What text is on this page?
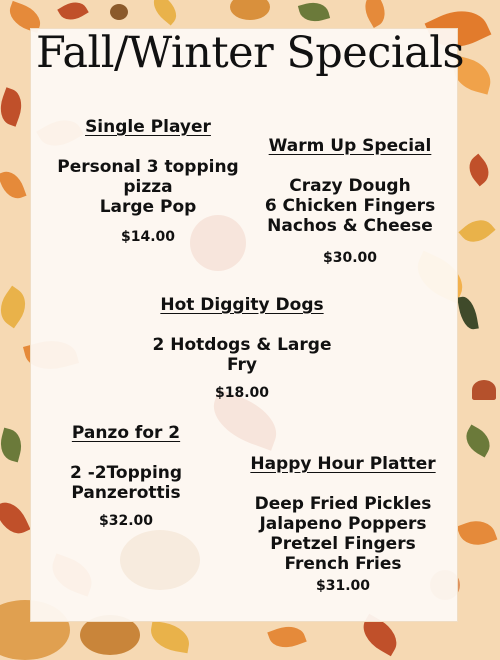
Fall/Winter Specials
Single Player
Personal 3 topping
pizza
Large Pop
$14.00
Warm Up Special
Crazy Dough
6 Chicken Fingers
Nachos & Cheese
$30.00
Hot Diggity Dogs
2 Hotdogs & Large
Fry
$18.00
Panzo for 2
2 -2Topping
Panzerottis
$32.00
Happy Hour Platter
Deep Fried Pickles
Jalapeno Poppers
Pretzel Fingers
French Fries
$31.00
